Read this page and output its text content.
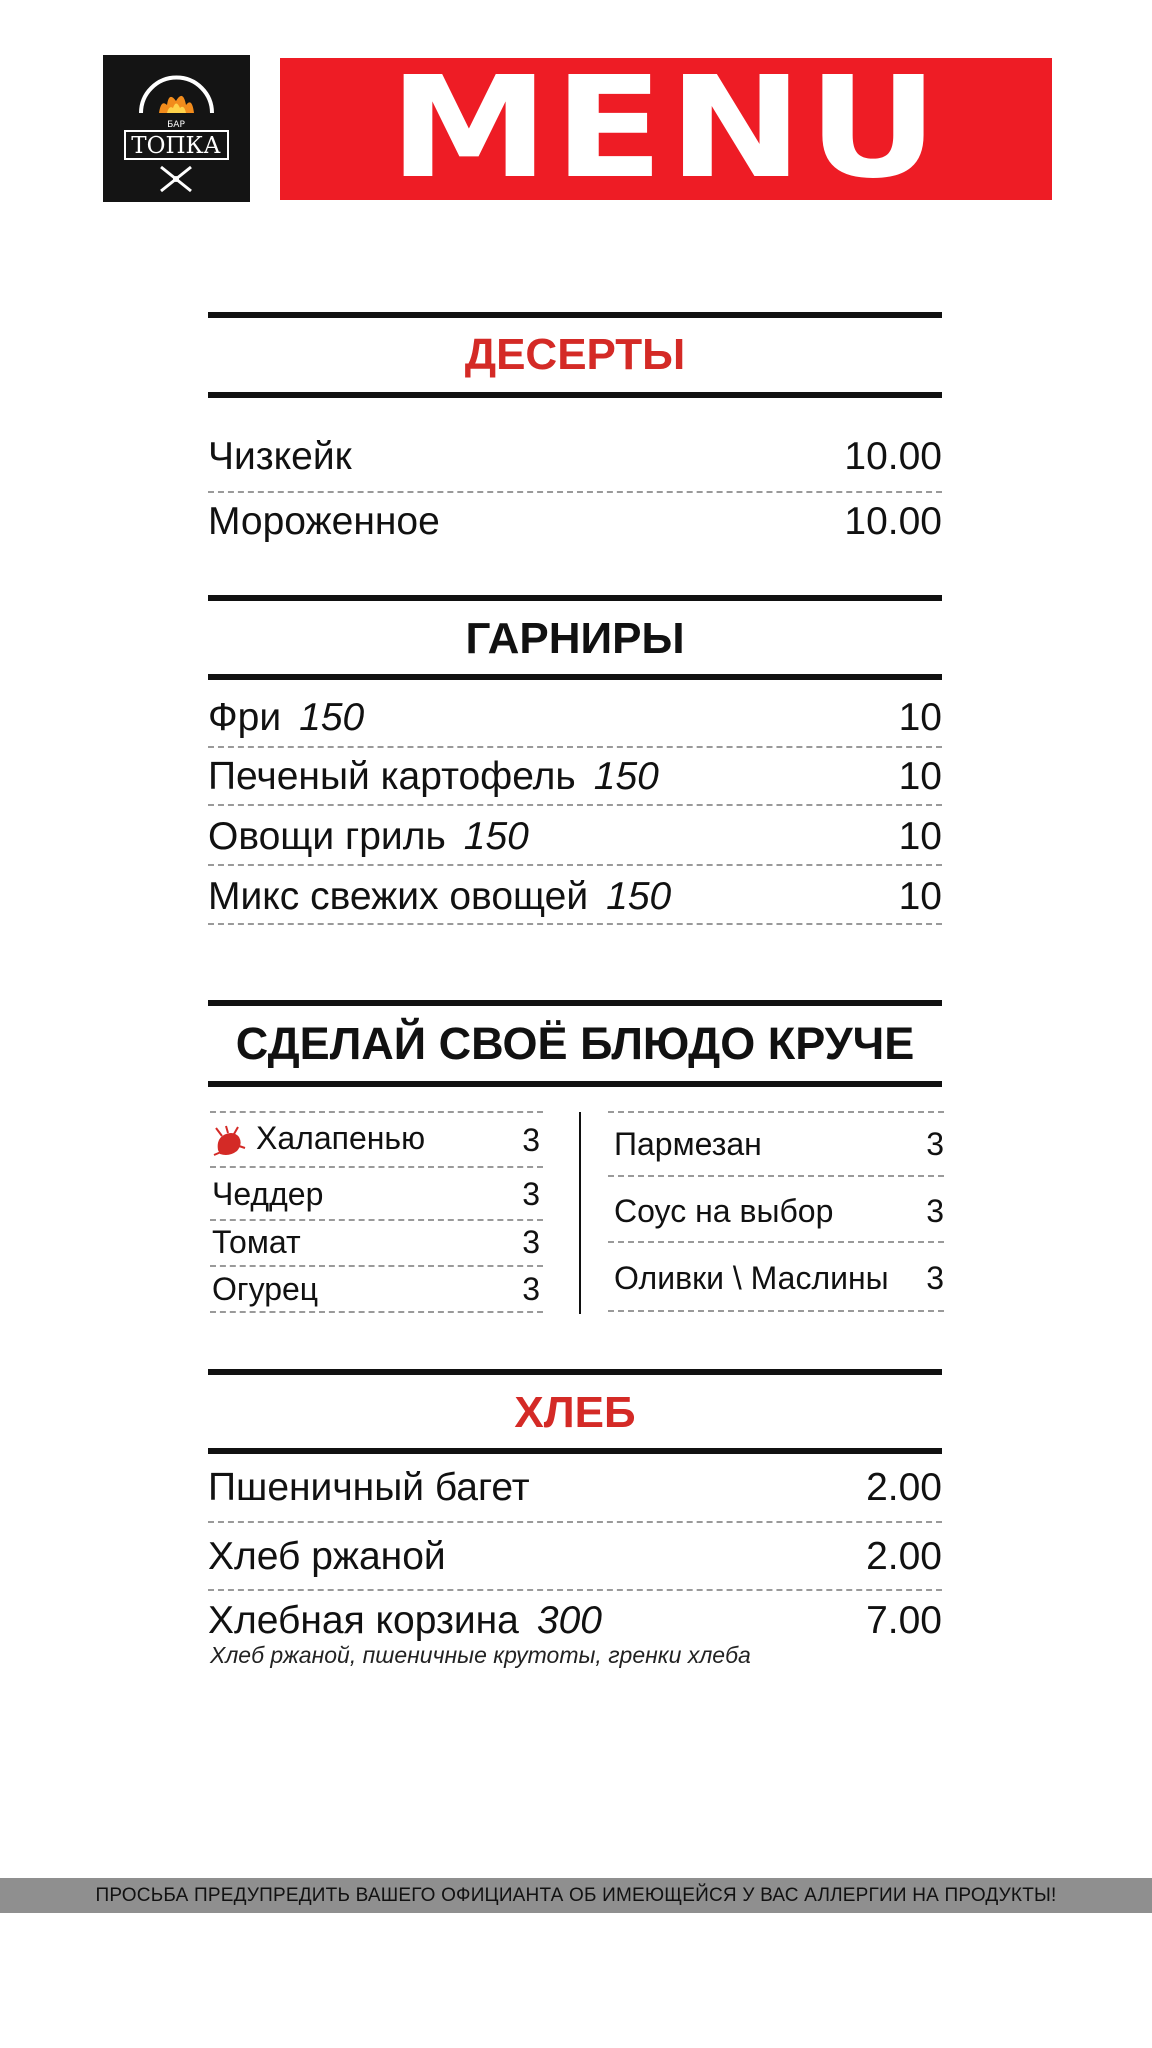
БАР
ТОПКА MENU
ДЕСЕРТЫ
Чизкейк	10.00
Мороженное	10.00
ГАРНИРЫ
Фри 150	10
Печеный картофель 150	10
Овощи гриль 150	10
Микс свежих овощей 150	10
СДЕЛАЙ СВОЁ БЛЮДО КРУЧЕ
Халапенью	3
Чеддер	3
Томат	3
Огурец	3
Пармезан	3
Соус на выбор	3
Оливки \ Маслины 3
ХЛЕБ
Пшеничный багет	2.00
Хлеб ржаной	2.00
Хлебная корзина 300	7.00
Хлеб ржаной, пшеничные крутоты, гренки хлеба
ПРОСЬБА ПРЕДУПРЕДИТЬ ВАШЕГО ОФИЦИАНТА ОБ ИМЕЮЩЕЙСЯ У ВАС АЛЛЕРГИИ НА ПРОДУКТЫ!
